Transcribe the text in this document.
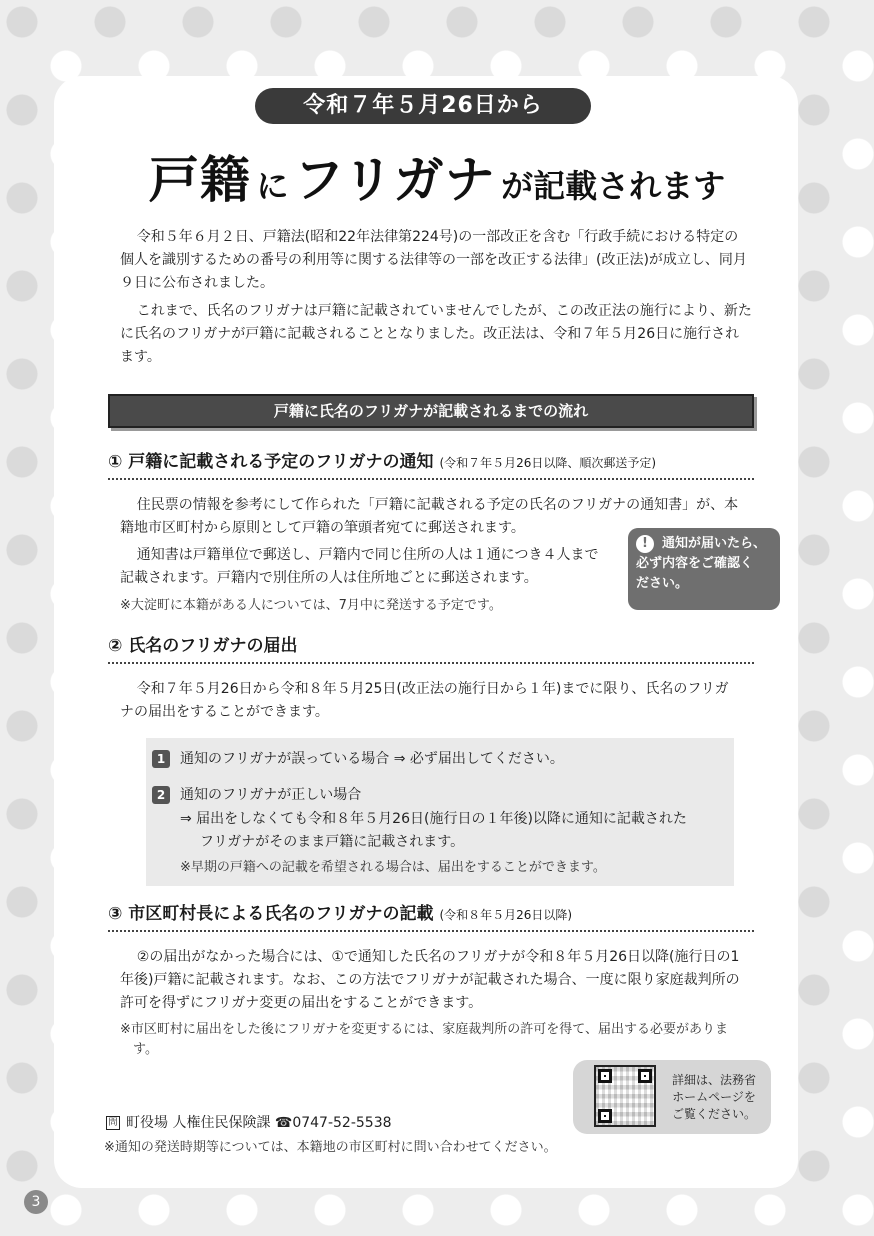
令和７年５月26日から
戸籍 に フリガナ が記載されます
令和５年６月２日、戸籍法(昭和22年法律第224号)の一部改正を含む「行政手続における特定の個人を識別するための番号の利用等に関する法律等の一部を改正する法律」(改正法)が成立し、同月９日に公布されました。
これまで、氏名のフリガナは戸籍に記載されていませんでしたが、この改正法の施行により、新たに氏名のフリガナが戸籍に記載されることとなりました。改正法は、令和７年５月26日に施行されます。
戸籍に氏名のフリガナが記載されるまでの流れ
① 戸籍に記載される予定のフリガナの通知 (令和７年５月26日以降、順次郵送予定)
住民票の情報を参考にして作られた「戸籍に記載される予定の氏名のフリガナの通知書」が、本籍地市区町村から原則として戸籍の筆頭者宛てに郵送されます。
通知書は戸籍単位で郵送し、戸籍内で同じ住所の人は１通につき４人まで
記載されます。戸籍内で別住所の人は住所地ごとに郵送されます。
※大淀町に本籍がある人については、7月中に発送する予定です。
! 通知が届いたら、
必ず内容をご確認く
ださい。
② 氏名のフリガナの届出
令和７年５月26日から令和８年５月25日(改正法の施行日から１年)までに限り、氏名のフリガナの届出をすることができます。
1 通知のフリガナが誤っている場合 ⇒ 必ず届出してください。
2 通知のフリガナが正しい場合
⇒ 届出をしなくても令和８年５月26日(施行日の１年後)以降に通知に記載された
フリガナがそのまま戸籍に記載されます。
※早期の戸籍への記載を希望される場合は、届出をすることができます。
③ 市区町村長による氏名のフリガナの記載 (令和８年５月26日以降)
②の届出がなかった場合には、①で通知した氏名のフリガナが令和８年５月26日以降(施行日の1年後)戸籍に記載されます。なお、この方法でフリガナが記載された場合、一度に限り家庭裁判所の許可を得ずにフリガナ変更の届出をすることができます。
※市区町村に届出をした後にフリガナを変更するには、家庭裁判所の許可を得て、届出する必要があります。
詳細は、法務省
ホームページを
ご覧ください。
問 町役場 人権住民保険課 ☎0747-52-5538
※通知の発送時期等については、本籍地の市区町村に問い合わせてください。
3
